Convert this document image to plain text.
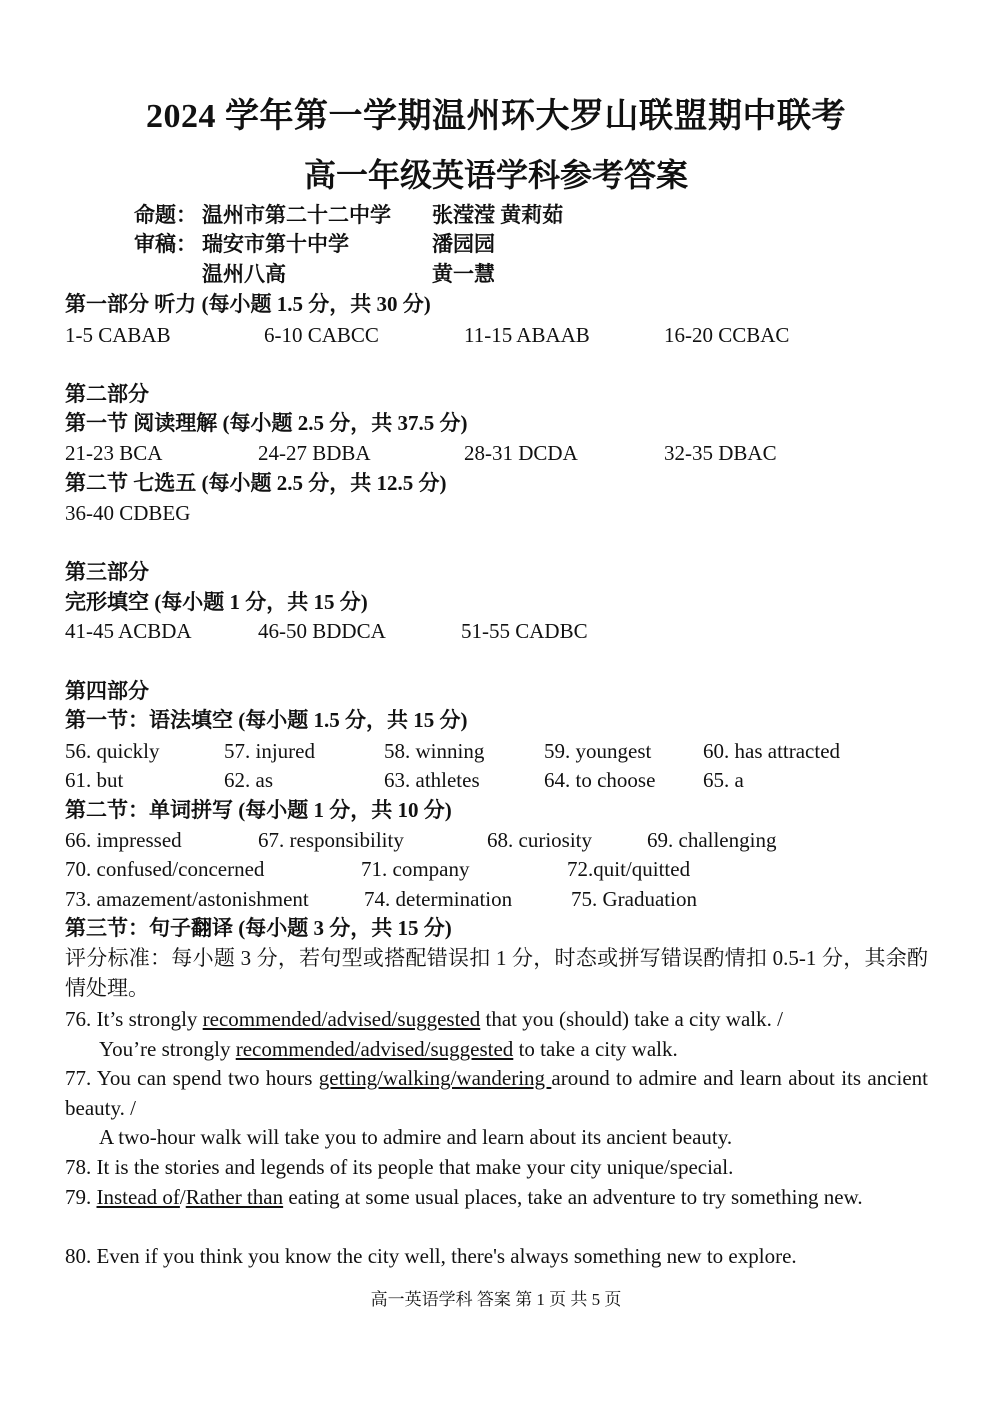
2024 学年第一学期温州环大罗山联盟期中联考
高一年级英语学科参考答案
命题： 温州市第二十二中学 张滢滢 黄莉茹
审稿： 瑞安市第十中学	潘园园
温州八高	黄一慧
第一部分 听力 (每小题 1.5 分，共 30 分)
1-5 CABAB	6-10 CABCC	11-15 ABAAB	16-20 CCBAC
第二部分
第一节 阅读理解 (每小题 2.5 分，共 37.5 分)
21-23 BCA	24-27 BDBA	28-31 DCDA	32-35 DBAC
第二节 七选五 (每小题 2.5 分，共 12.5 分)
36-40 CDBEG
第三部分
完形填空 (每小题 1 分，共 15 分)
41-45 ACBDA	46-50 BDDCA	51-55 CADBC
第四部分
第一节：语法填空 (每小题 1.5 分，共 15 分)
56. quickly	57. injured	58. winning	59. youngest 60. has attracted
61. but	62. as	63. athletes	64. to choose 65. a
第二节：单词拼写 (每小题 1 分，共 10 分)
66. impressed	67. responsibility	68. curiosity	69. challenging
70. confused/concerned	71. company	72.quit/quitted
73. amazement/astonishment	74. determination	75. Graduation
第三节：句子翻译 (每小题 3 分，共 15 分)
评分标准：每小题 3 分，若句型或搭配错误扣 1 分，时态或拼写错误酌情扣 0.5-1 分，其余酌情处理。
76. It’s strongly recommended/advised/suggested that you (should) take a city walk. /
You’re strongly recommended/advised/suggested to take a city walk.
77. You can spend two hours getting/walking/wandering around to admire and learn about its ancient beauty. /
A two-hour walk will take you to admire and learn about its ancient beauty.
78. It is the stories and legends of its people that make your city unique/special.
79. Instead of/Rather than eating at some usual places, take an adventure to try something new.
80. Even if you think you know the city well, there's always something new to explore.
高一英语学科 答案 第 1 页 共 5 页
